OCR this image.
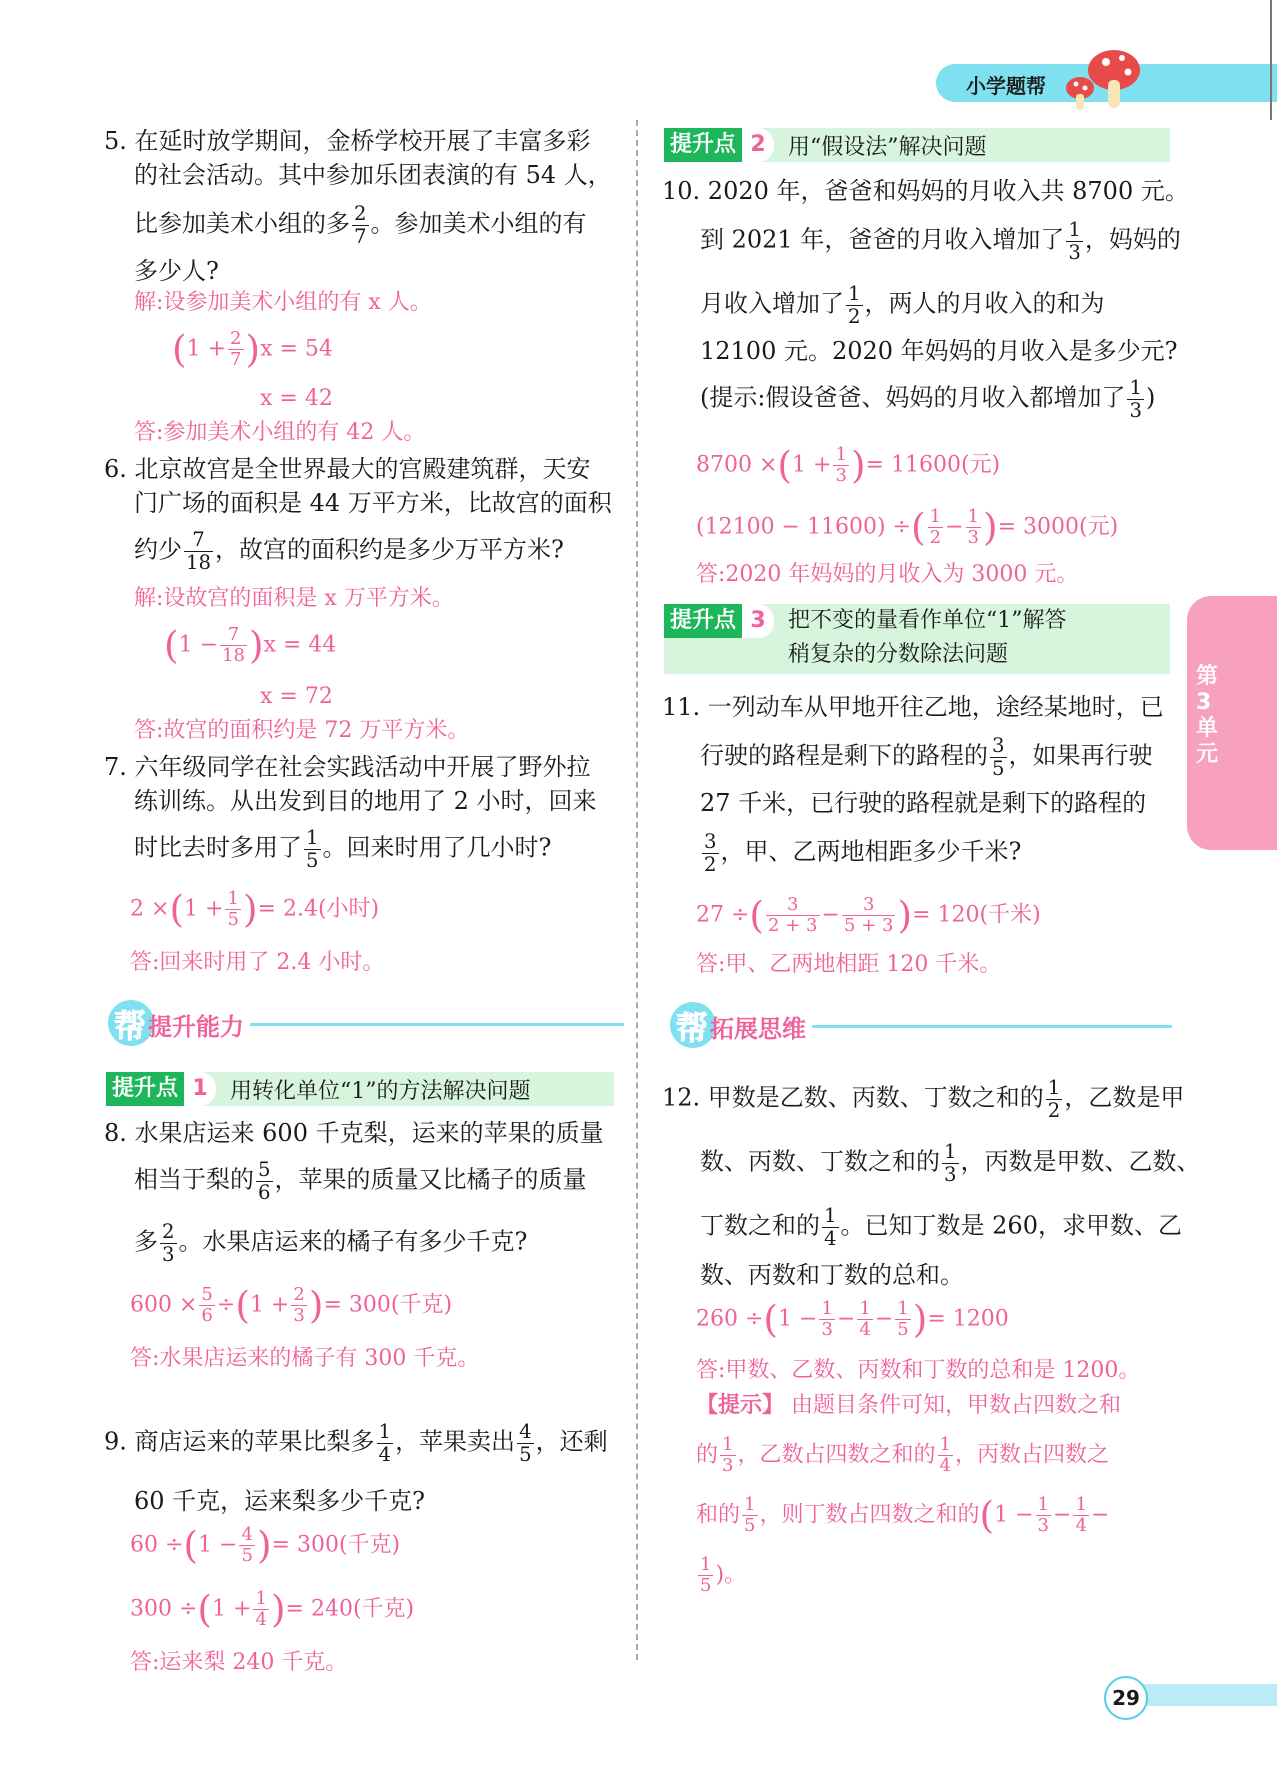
小学题帮
第3单元
5. 在延时放学期间，金桥学校开展了丰富多彩
的社会活动。其中参加乐团表演的有 54 人，
比参加美术小组的多 $\frac{2}{7}$ 。参加美术小组的有
多少人?
解:设参加美术小组的有 x 人。
$(1 + \frac{2}{7} )x = 54$
x = 42
答:参加美术小组的有 42 人。
6. 北京故宫是全世界最大的宫殿建筑群，天安
门广场的面积是 44 万平方米，比故宫的面积
约少 $\frac{7}{18}$ ，故宫的面积约是多少万平方米?
解:设故宫的面积是 x 万平方米。
$(1 - \frac{7}{18} )x = 44$
x = 72
答:故宫的面积约是 72 万平方米。
7. 六年级同学在社会实践活动中开展了野外拉
练训练。从出发到目的地用了 2 小时，回来
时比去时多用了 $\frac{1}{5}$ 。回来时用了几小时?
$2 \times(1 + \frac{1}{5}$ )= 2.4(小时)
答:回来时用了 2.4 小时。
帮 提升能力
提升点 1	用转化单位“1”的方法解决问题
8. 水果店运来 600 千克梨，运来的苹果的质量
相当于梨的 $\frac{5}{6}$ ，苹果的质量又比橘子的质量
多 $\frac{2}{3}$ 。水果店运来的橘子有多少千克?
$600 \times \frac{5}{6} \div(1 + \frac{2}{3}$ )= 300(千克)
答:水果店运来的橘子有 300 千克。
9. 商店运来的苹果比梨多 $\frac{1}{4}$ ，苹果卖出 $\frac{4}{5}$ ，还剩
60 千克，运来梨多少千克?
$60 \div(1 - \frac{4}{5}$ )= 300(千克)
$300 \div(1 + \frac{1}{4}$ )= 240(千克)
答:运来梨 240 千克。
提升点 2	用“假设法”解决问题
10. 2020 年，爸爸和妈妈的月收入共 8700 元。
到 2021 年，爸爸的月收入增加了 $\frac{1}{3}$ ，妈妈的
月收入增加了 $\frac{1}{2}$ ，两人的月收入的和为
12100 元。2020 年妈妈的月收入是多少元?
(提示:假设爸爸、妈妈的月收入都增加了 $\frac{1}{3}$ )
$8700 \times(1 + \frac{1}{3}$ )= 11600(元)
(12100 − 11600) ÷( $\frac{1}{2} - \frac{1}{3}$ )= 3000(元)
答:2020 年妈妈的月收入为 3000 元。
提升点 3	把不变的量看作单位“1”解答
稍复杂的分数除法问题
11. 一列动车从甲地开往乙地，途经某地时，已
行驶的路程是剩下的路程的 $\frac{3}{5}$ ，如果再行驶
27 千米，已行驶的路程就是剩下的路程的
$\frac{3}{2}$ ，甲、乙两地相距多少千米?
27 ÷( $\frac{3}{2 + 3} - \frac{3}{5 + 3}$ )= 120(千米)
答:甲、乙两地相距 120 千米。
帮 拓展思维
12. 甲数是乙数、丙数、丁数之和的 $\frac{1}{2}$ ，乙数是甲
数、丙数、丁数之和的 $\frac{1}{3}$ ，丙数是甲数、乙数、
丁数之和的 $\frac{1}{4}$ 。已知丁数是 260，求甲数、乙
数、丙数和丁数的总和。
$260 \div(1 - \frac{1}{3} - \frac{1}{4} - \frac{1}{5}$ )= 1200
答:甲数、乙数、丙数和丁数的总和是 1200。
【提示】 由题目条件可知，甲数占四数之和
的 $\frac{1}{3}$ ，乙数占四数之和的 $\frac{1}{4}$ ，丙数占四数之
和的 $\frac{1}{5}$ ，则丁数占四数之和的($1 - \frac{1}{3} - \frac{1}{4}$ −
$\frac{1}{5}$ )。
29
